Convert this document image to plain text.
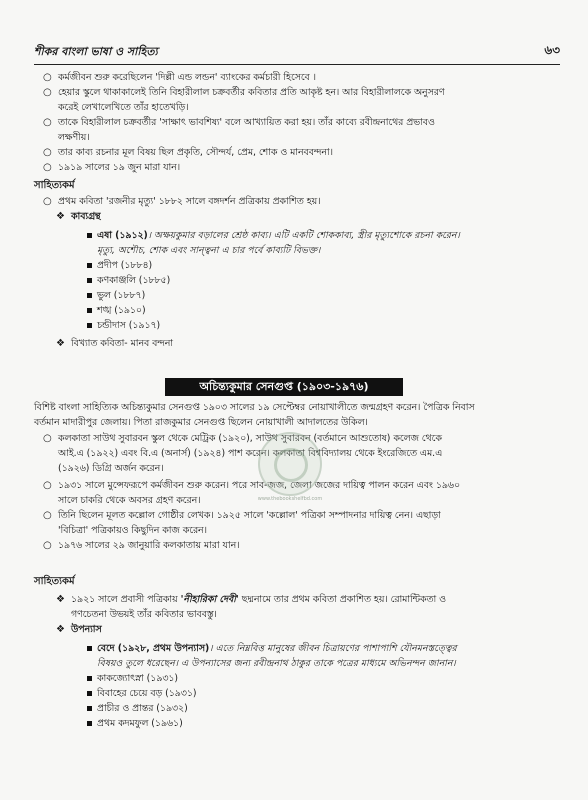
শীকর বাংলা ভাষা ও সাহিত্য	৬৩
○ কর্মজীবন শুরু করেছিলেন 'দিল্লী এন্ড লন্ডন' ব্যাংকের কর্মচারী হিসেবে ।
○ হেয়ার স্কুলে থাকাকালেই তিনি বিহারীলাল চক্রবর্তীর কবিতার প্রতি আকৃষ্ট হন। আর বিহারীলালকে অনুসরণ
করেই লেখালেখিতে তাঁর হাতেখড়ি।
○ তাকে বিহারীলাল চক্রবর্তীর 'সাক্ষাৎ ভাবশিষ্য' বলে আখ্যায়িত করা হয়। তাঁর কাব্যে রবীন্দ্রনাথের প্রভাবও
লক্ষণীয়।
○ তার কাব্য রচনার মূল বিষয় ছিল প্রকৃতি, সৌন্দর্য, প্রেম, শোক ও মানববন্দনা।
○ ১৯১৯ সালের ১৯ জুন মারা যান।
সাহিত্যকর্ম
○ প্রথম কবিতা 'রজনীর মৃত্যু' ১৮৮২ সালে বঙ্গদর্শন প্রত্রিকায় প্রকাশিত হয়।
❖ কাব্যগ্রন্থ
এষা (১৯১২)। অক্ষয়কুমার বড়ালের শ্রেষ্ঠ কাব্য। এটি একটি শোককাব্য, স্ত্রীর মৃত্যুশোকে রচনা করেন।
মৃত্যু, অশৌচ, শোক এবং সান্ত্বনা এ চার পর্বে কাব্যটি বিভক্ত।
প্রদীপ (১৮৮৪)
কণকাঞ্জলি (১৮৮৫)
ভুল (১৮৮৭)
শঙ্খ (১৯১০)
চন্ডীদাস (১৯১৭)
❖ বিখ্যাত কবিতা- মানব বন্দনা
অচিন্ত্যকুমার সেনগুপ্ত (১৯০৩-১৯৭৬)
বিশিষ্ট বাংলা সাহিত্যিক অচিন্ত্যকুমার সেনগুপ্ত ১৯০৩ সালের ১৯ সেপ্টেম্বর নোয়াখালীতে জন্মগ্রহণ করেন। পৈত্রিক নিবাস
বর্তমান মাদারীপুর জেলায়। পিতা রাজকুমার সেনগুপ্ত ছিলেন নোয়াখালী আদালতের উকিল।
○ কলকাতা সাউথ সুবারবন স্কুল থেকে মেট্রিক (১৯২০), সাউথ সুবারবন (বর্তমানে আশুতোষ) কলেজ থেকে
আই.এ (১৯২২) এবং বি.এ (অনার্স) (১৯২৪) পাশ করেন। কলকাতা বিশ্ববিদ্যালয় থেকে ইংরেজিতে এম.এ
(১৯২৬) ডিগ্রি অর্জন করেন।
○ ১৯৩১ সালে মুন্সেফরূপে কর্মজীবন শুরু করেন। পরে সাব-জজ, জেলা জজের দায়িত্ব পালন করেন এবং ১৯৬০
সালে চাকরি থেকে অবসর গ্রহণ করেন।
○ তিনি ছিলেন মূলত কল্লোল গোষ্ঠীর লেখক। ১৯২৫ সালে 'কল্লোল' পত্রিকা সম্পাদনার দায়িত্ব নেন। এছাড়া
'বিচিত্রা' পত্রিকায়ও কিছুদিন কাজ করেন।
○ ১৯৭৬ সালের ২৯ জানুয়ারি কলকাতায় মারা যান।
www.thebookshelfbd.com
সাহিত্যকর্ম
❖ ১৯২১ সালে প্রবাসী পত্রিকায় 'নীহারিকা দেবী' ছদ্মনামে তার প্রথম কবিতা প্রকাশিত হয়। রোমান্টিকতা ও
গণচেতনা উভয়ই তাঁর কবিতার ভাববস্তু।
❖ উপন্যাস
বেদে (১৯২৮, প্রথম উপন্যাস)। এতে নিম্নবিত্ত মানুষের জীবন চিত্রায়ণের পাশাপাশি যৌনমনস্তত্ত্বের
বিষয়ও তুলে ধরেছেন। এ উপন্যাসের জন্য রবীন্দ্রনাথ ঠাকুর তাকে পত্রের মাধ্যমে অভিনন্দন জানান।
কাকজ্যোৎস্না (১৯৩১)
বিবাহের চেয়ে বড় (১৯৩১)
প্রাচীর ও প্রান্তর (১৯৩২)
প্রথম কদমফুল (১৯৬১)
